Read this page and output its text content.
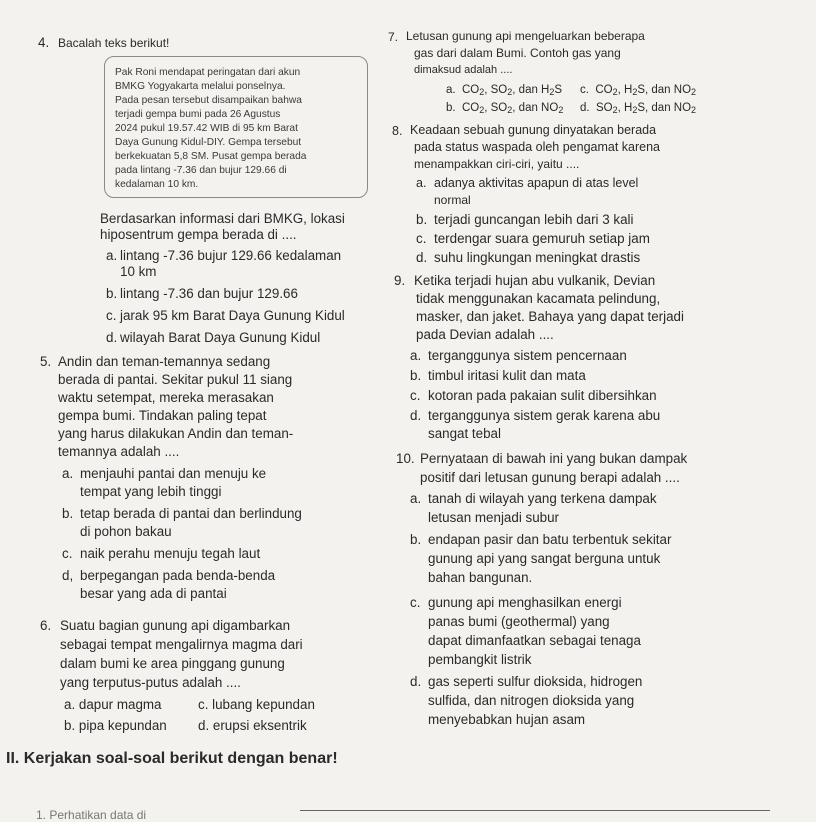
4. Bacalah teks berikut!
Pak Roni mendapat peringatan dari akun
BMKG Yogyakarta melalui ponselnya.
Pada pesan tersebut disampaikan bahwa
terjadi gempa bumi pada 26 Agustus
2024 pukul 19.57.42 WIB di 95 km Barat
Daya Gunung Kidul-DIY. Gempa tersebut
berkekuatan 5,8 SM. Pusat gempa berada
pada lintang -7.36 dan bujur 129.66 di
kedalaman 10 km.
Berdasarkan informasi dari BMKG, lokasi
hiposentrum gempa berada di ....
a. lintang -7.36 bujur 129.66 kedalaman
10 km
b. lintang -7.36 dan bujur 129.66
c. jarak 95 km Barat Daya Gunung Kidul
d. wilayah Barat Daya Gunung Kidul
5. Andin dan teman-temannya sedang
berada di pantai. Sekitar pukul 11 siang
waktu setempat, mereka merasakan
gempa bumi. Tindakan paling tepat
yang harus dilakukan Andin dan teman-
temannya adalah ....
a. menjauhi pantai dan menuju ke
tempat yang lebih tinggi
b. tetap berada di pantai dan berlindung
di pohon bakau
c. naik perahu menuju tegah laut
d, berpegangan pada benda-benda
besar yang ada di pantai
6. Suatu bagian gunung api digambarkan
sebagai tempat mengalirnya magma dari
dalam bumi ke area pinggang gunung
yang terputus-putus adalah ....
a. dapur magma	c. lubang kepundan
b. pipa kepundan d. erupsi eksentrik
7. Letusan gunung api mengeluarkan beberapa
gas dari dalam Bumi. Contoh gas yang
dimaksud adalah ....
a. $CO_2$, $SO_2$, dan $H_2S$ c. $CO_2$, $H_2S$, dan $NO_2$
b. $CO_2$, $SO_2$, dan $NO_2$ d. $SO_2$, $H_2S$, dan $NO_2$
8. Keadaan sebuah gunung dinyatakan berada
pada status waspada oleh pengamat karena
menampakkan ciri-ciri, yaitu ....
a. adanya aktivitas apapun di atas level
normal
b. terjadi guncangan lebih dari 3 kali
c. terdengar suara gemuruh setiap jam
d. suhu lingkungan meningkat drastis
9. Ketika terjadi hujan abu vulkanik, Devian
tidak menggunakan kacamata pelindung,
masker, dan jaket. Bahaya yang dapat terjadi
pada Devian adalah ....
a. terganggunya sistem pencernaan
b. timbul iritasi kulit dan mata
c. kotoran pada pakaian sulit dibersihkan
d. terganggunya sistem gerak karena abu
sangat tebal
10. Pernyataan di bawah ini yang bukan dampak
positif dari letusan gunung berapi adalah ....
a. tanah di wilayah yang terkena dampak
letusan menjadi subur
b. endapan pasir dan batu terbentuk sekitar
gunung api yang sangat berguna untuk
bahan bangunan.
c. gunung api menghasilkan energi
panas bumi (geothermal) yang
dapat dimanfaatkan sebagai tenaga
pembangkit listrik
d. gas seperti sulfur dioksida, hidrogen
sulfida, dan nitrogen dioksida yang
menyebabkan hujan asam
II. Kerjakan soal-soal berikut dengan benar!
1. Perhatikan data di
